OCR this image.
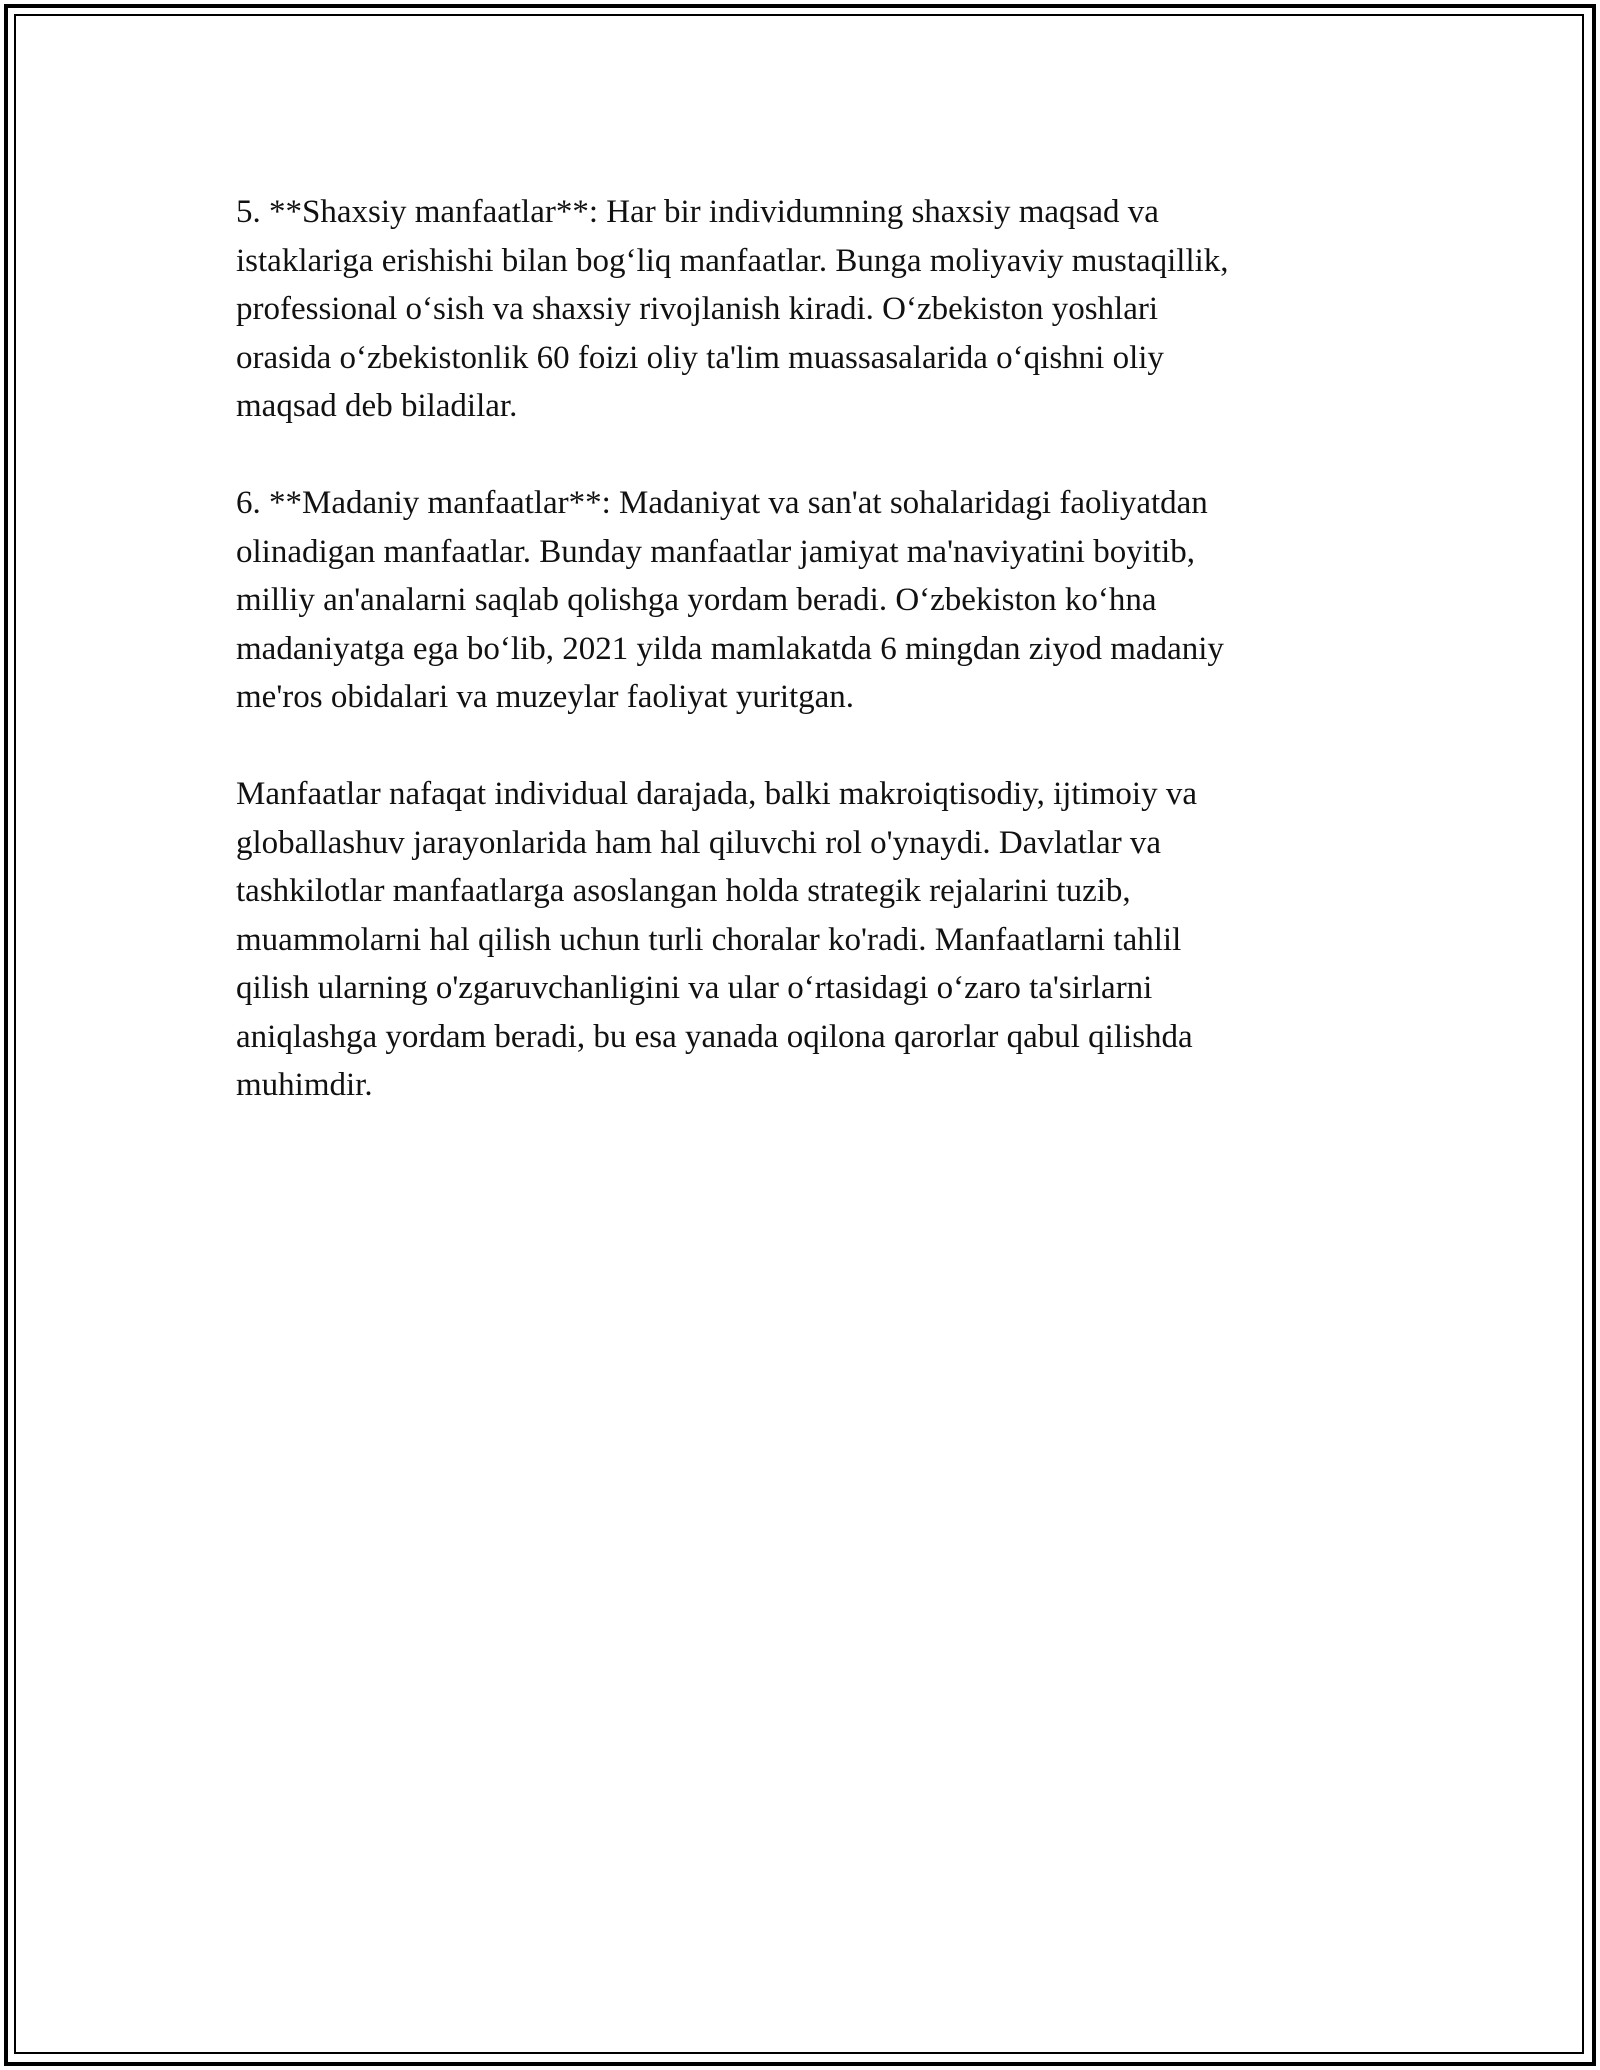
5. **Shaxsiy manfaatlar**: Har bir individumning shaxsiy maqsad va
istaklariga erishishi bilan bogʻliq manfaatlar. Bunga moliyaviy mustaqillik,
professional oʻsish va shaxsiy rivojlanish kiradi. Oʻzbekiston yoshlari
orasida oʻzbekistonlik 60 foizi oliy ta'lim muassasalarida oʻqishni oliy
maqsad deb biladilar.

6. **Madaniy manfaatlar**: Madaniyat va san'at sohalaridagi faoliyatdan
olinadigan manfaatlar. Bunday manfaatlar jamiyat ma'naviyatini boyitib,
milliy an'analarni saqlab qolishga yordam beradi. Oʻzbekiston koʻhna
madaniyatga ega boʻlib, 2021 yilda mamlakatda 6 mingdan ziyod madaniy
me'ros obidalari va muzeylar faoliyat yuritgan.

Manfaatlar nafaqat individual darajada, balki makroiqtisodiy, ijtimoiy va
globallashuv jarayonlarida ham hal qiluvchi rol o'ynaydi. Davlatlar va
tashkilotlar manfaatlarga asoslangan holda strategik rejalarini tuzib,
muammolarni hal qilish uchun turli choralar ko'radi. Manfaatlarni tahlil
qilish ularning o'zgaruvchanligini va ular oʻrtasidagi oʻzaro ta'sirlarni
aniqlashga yordam beradi, bu esa yanada oqilona qarorlar qabul qilishda
muhimdir.
